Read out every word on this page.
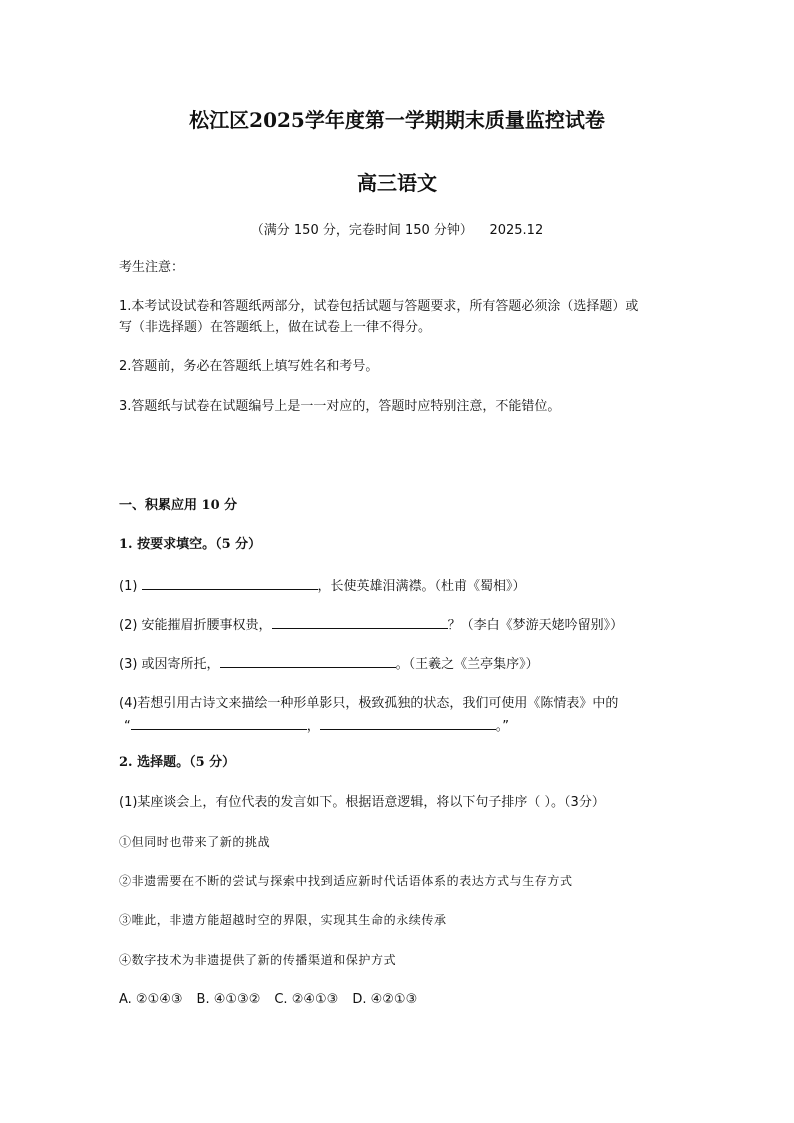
松江区2025学年度第一学期期末质量监控试卷
高三语文
（满分 150 分，完卷时间 150 分钟）    2025.12
考生注意：
1.本考试设试卷和答题纸两部分，试卷包括试题与答题要求，所有答题必须涂（选择题）或
写（非选择题）在答题纸上，做在试卷上一律不得分。
2.答题前，务必在答题纸上填写姓名和考号。
3.答题纸与试卷在试题编号上是一一对应的，答题时应特别注意，不能错位。
一、积累应用 10 分
1. 按要求填空。（5 分）
(1)	，长使英雄泪满襟。（杜甫《蜀相》）
(2) 安能摧眉折腰事权贵，	？（李白《梦游天姥吟留别》）
(3) 或因寄所托，	。（王羲之《兰亭集序》）
(4)若想引用古诗文来描绘一种形单影只，极致孤独的状态，我们可使用《陈情表》中的
“	，	。”
2. 选择题。（5 分）
(1)某座谈会上，有位代表的发言如下。根据语意逻辑，将以下句子排序（ ）。（3分）
①但同时也带来了新的挑战
②非遗需要在不断的尝试与探索中找到适应新时代话语体系的表达方式与生存方式
③唯此，非遗方能超越时空的界限，实现其生命的永续传承
④数字技术为非遗提供了新的传播渠道和保护方式
A. ②①④③ B. ④①③② C. ②④①③ D. ④②①③
